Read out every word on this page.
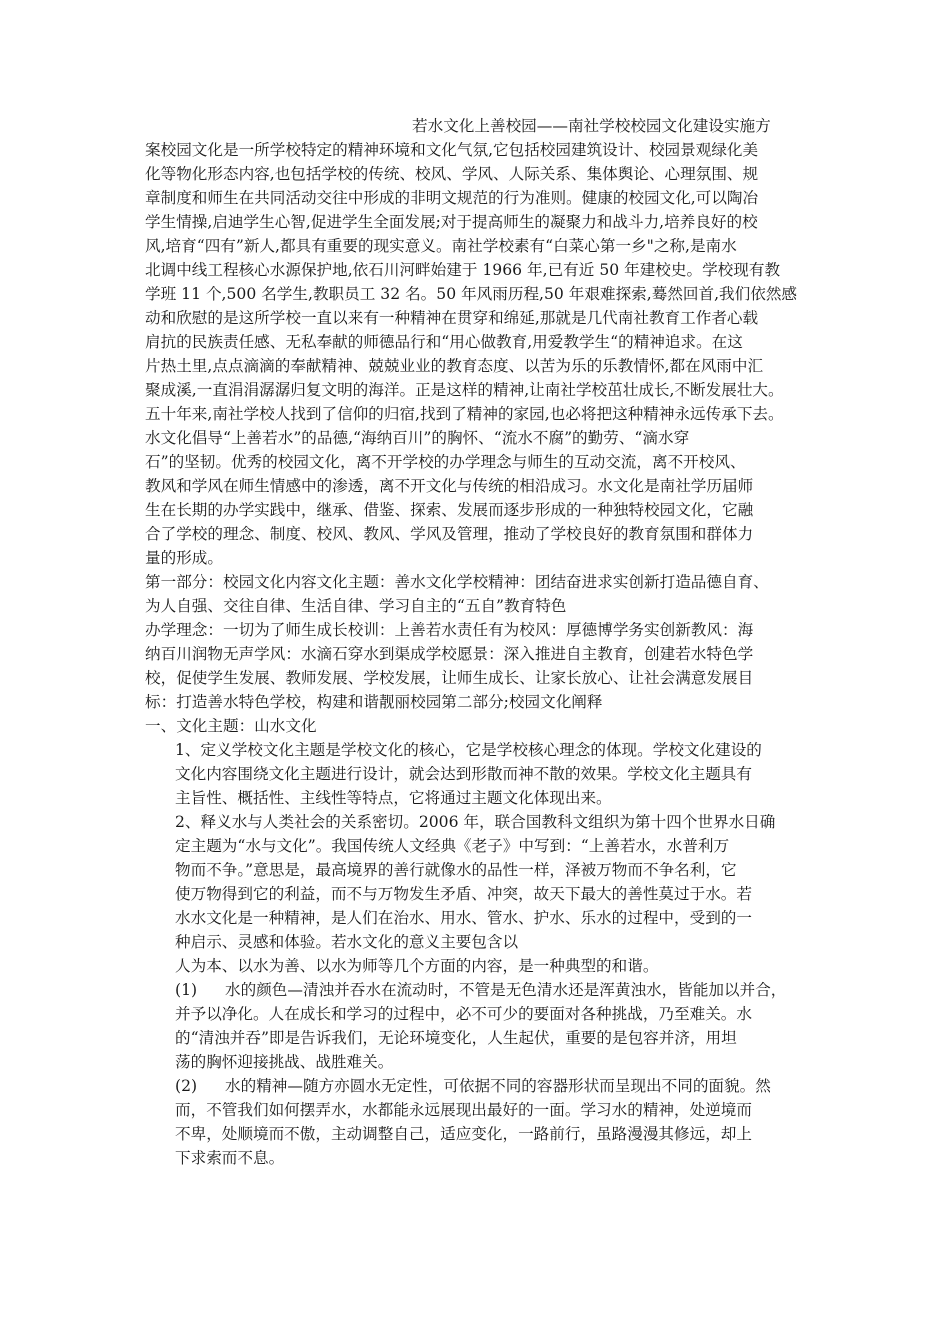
若水文化上善校园——南社学校校园文化建设实施方
案校园文化是一所学校特定的精神环境和文化气氛,它包括校园建筑设计、校园景观绿化美
化等物化形态内容,也包括学校的传统、校风、学风、人际关系、集体舆论、心理氛围、规
章制度和师生在共同活动交往中形成的非明文规范的行为准则。健康的校园文化,可以陶冶
学生情操,启迪学生心智,促进学生全面发展;对于提高师生的凝聚力和战斗力,培养良好的校
风,培育“四有”新人,都具有重要的现实意义。南社学校素有“白菜心第一乡"之称,是南水
北调中线工程核心水源保护地,依石川河畔始建于 1966 年,已有近 50 年建校史。学校现有教
学班 11 个,500 名学生,教职员工 32 名。50 年风雨历程,50 年艰难探索,蓦然回首,我们依然感
动和欣慰的是这所学校一直以来有一种精神在贯穿和绵延,那就是几代南社教育工作者心载
肩抗的民族责任感、无私奉献的师德品行和“用心做教育,用爱教学生“的精神追求。在这
片热土里,点点滴滴的奉献精神、兢兢业业的教育态度、以苦为乐的乐教情怀,都在风雨中汇
聚成溪,一直涓涓潺潺归复文明的海洋。正是这样的精神,让南社学校茁壮成长,不断发展壮大。
五十年来,南社学校人找到了信仰的归宿,找到了精神的家园,也必将把这种精神永远传承下去。
水文化倡导“上善若水”的品德,“海纳百川”的胸怀、“流水不腐”的勤劳、“滴水穿
石”的坚韧。优秀的校园文化，离不开学校的办学理念与师生的互动交流，离不开校风、
教风和学风在师生情感中的渗透，离不开文化与传统的相沿成习。水文化是南社学历届师
生在长期的办学实践中，继承、借鉴、探索、发展而逐步形成的一种独特校园文化，它融
合了学校的理念、制度、校风、教风、学风及管理，推动了学校良好的教育氛围和群体力
量的形成。
第一部分：校园文化内容文化主题：善水文化学校精神：团结奋进求实创新打造品德自育、
为人自强、交往自律、生活自律、学习自主的“五自”教育特色
办学理念：一切为了师生成长校训：上善若水责任有为校风：厚德博学务实创新教风：海
纳百川润物无声学风：水滴石穿水到渠成学校愿景：深入推进自主教育，创建若水特色学
校，促使学生发展、教师发展、学校发展，让师生成长、让家长放心、让社会满意发展目
标：打造善水特色学校，构建和谐靓丽校园第二部分;校园文化阐释
一、文化主题：山水文化
1、定义学校文化主题是学校文化的核心，它是学校核心理念的体现。学校文化建设的
文化内容围绕文化主题进行设计，就会达到形散而神不散的效果。学校文化主题具有
主旨性、概括性、主线性等特点，它将通过主题文化体现出来。
2、释义水与人类社会的关系密切。2006 年，联合国教科文组织为第十四个世界水日确
定主题为“水与文化”。我国传统人文经典《老子》中写到：“上善若水，水普利万
物而不争。”意思是，最高境界的善行就像水的品性一样，泽被万物而不争名利，它
使万物得到它的利益，而不与万物发生矛盾、冲突，故天下最大的善性莫过于水。若
水水文化是一种精神，是人们在治水、用水、管水、护水、乐水的过程中，受到的一
种启示、灵感和体验。若水文化的意义主要包含以
人为本、以水为善、以水为师等几个方面的内容，是一种典型的和谐。
(1) 水的颜色—清浊并吞水在流动时，不管是无色清水还是浑黄浊水，皆能加以并合，
并予以净化。人在成长和学习的过程中，必不可少的要面对各种挑战，乃至难关。水
的“清浊并吞”即是告诉我们，无论环境变化，人生起伏，重要的是包容并济，用坦
荡的胸怀迎接挑战、战胜难关。
(2) 水的精神—随方亦圆水无定性，可依据不同的容器形状而呈现出不同的面貌。然
而，不管我们如何摆弄水，水都能永远展现出最好的一面。学习水的精神，处逆境而
不卑，处顺境而不傲，主动调整自己，适应变化，一路前行，虽路漫漫其修远，却上
下求索而不息。
